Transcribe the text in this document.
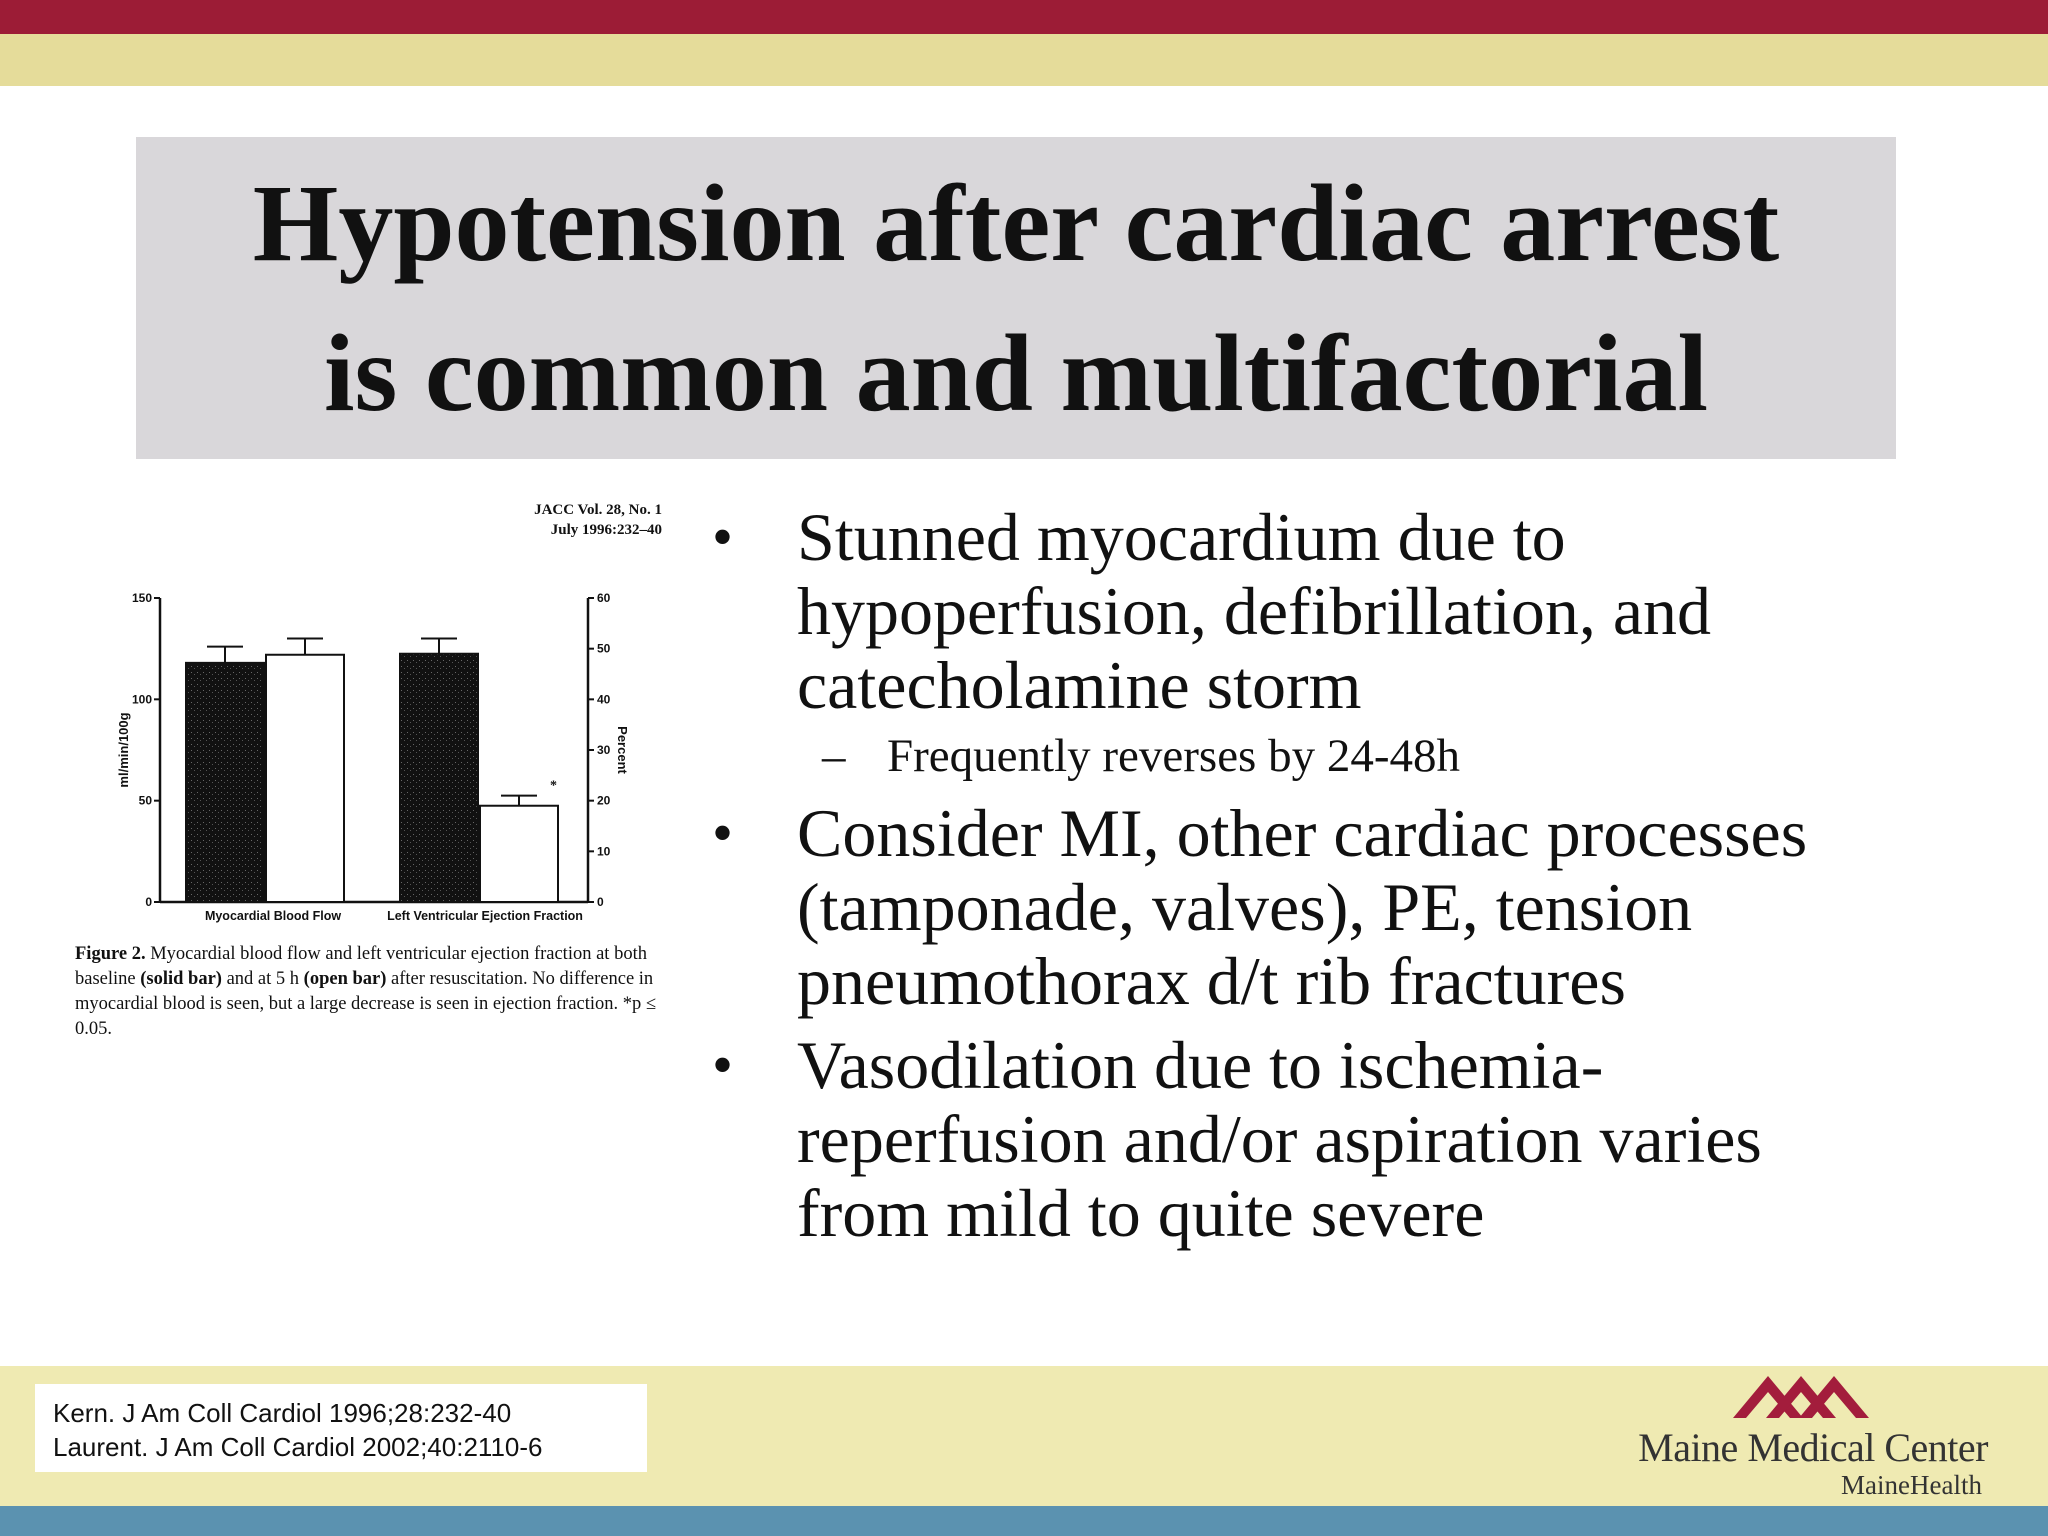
Hypotension after cardiac arrest
is common and multifactorial
JACC Vol. 28, No. 1
July 1996:232–40
150
100
50
0
60
50
40
30
20
10
0
ml/min/100g	Percent
Myocardial Blood Flow	Left Ventricular Ejection Fraction
*
Figure 2. Myocardial blood flow and left ventricular ejection fraction at both baseline (solid bar) and at 5 h (open bar) after resuscitation. No difference in myocardial blood is seen, but a large decrease is seen in ejection fraction. *p ≤ 0.05.
• Stunned myocardium due to
hypoperfusion, defibrillation, and
catecholamine storm
– Frequently reverses by 24-48h
• Consider MI, other cardiac processes
(tamponade, valves), PE, tension
pneumothorax d/t rib fractures
• Vasodilation due to ischemia-
reperfusion and/or aspiration varies
from mild to quite severe
Kern. J Am Coll Cardiol 1996;28:232-40
Laurent. J Am Coll Cardiol 2002;40:2110-6	Maine Medical Center
MaineHealth
